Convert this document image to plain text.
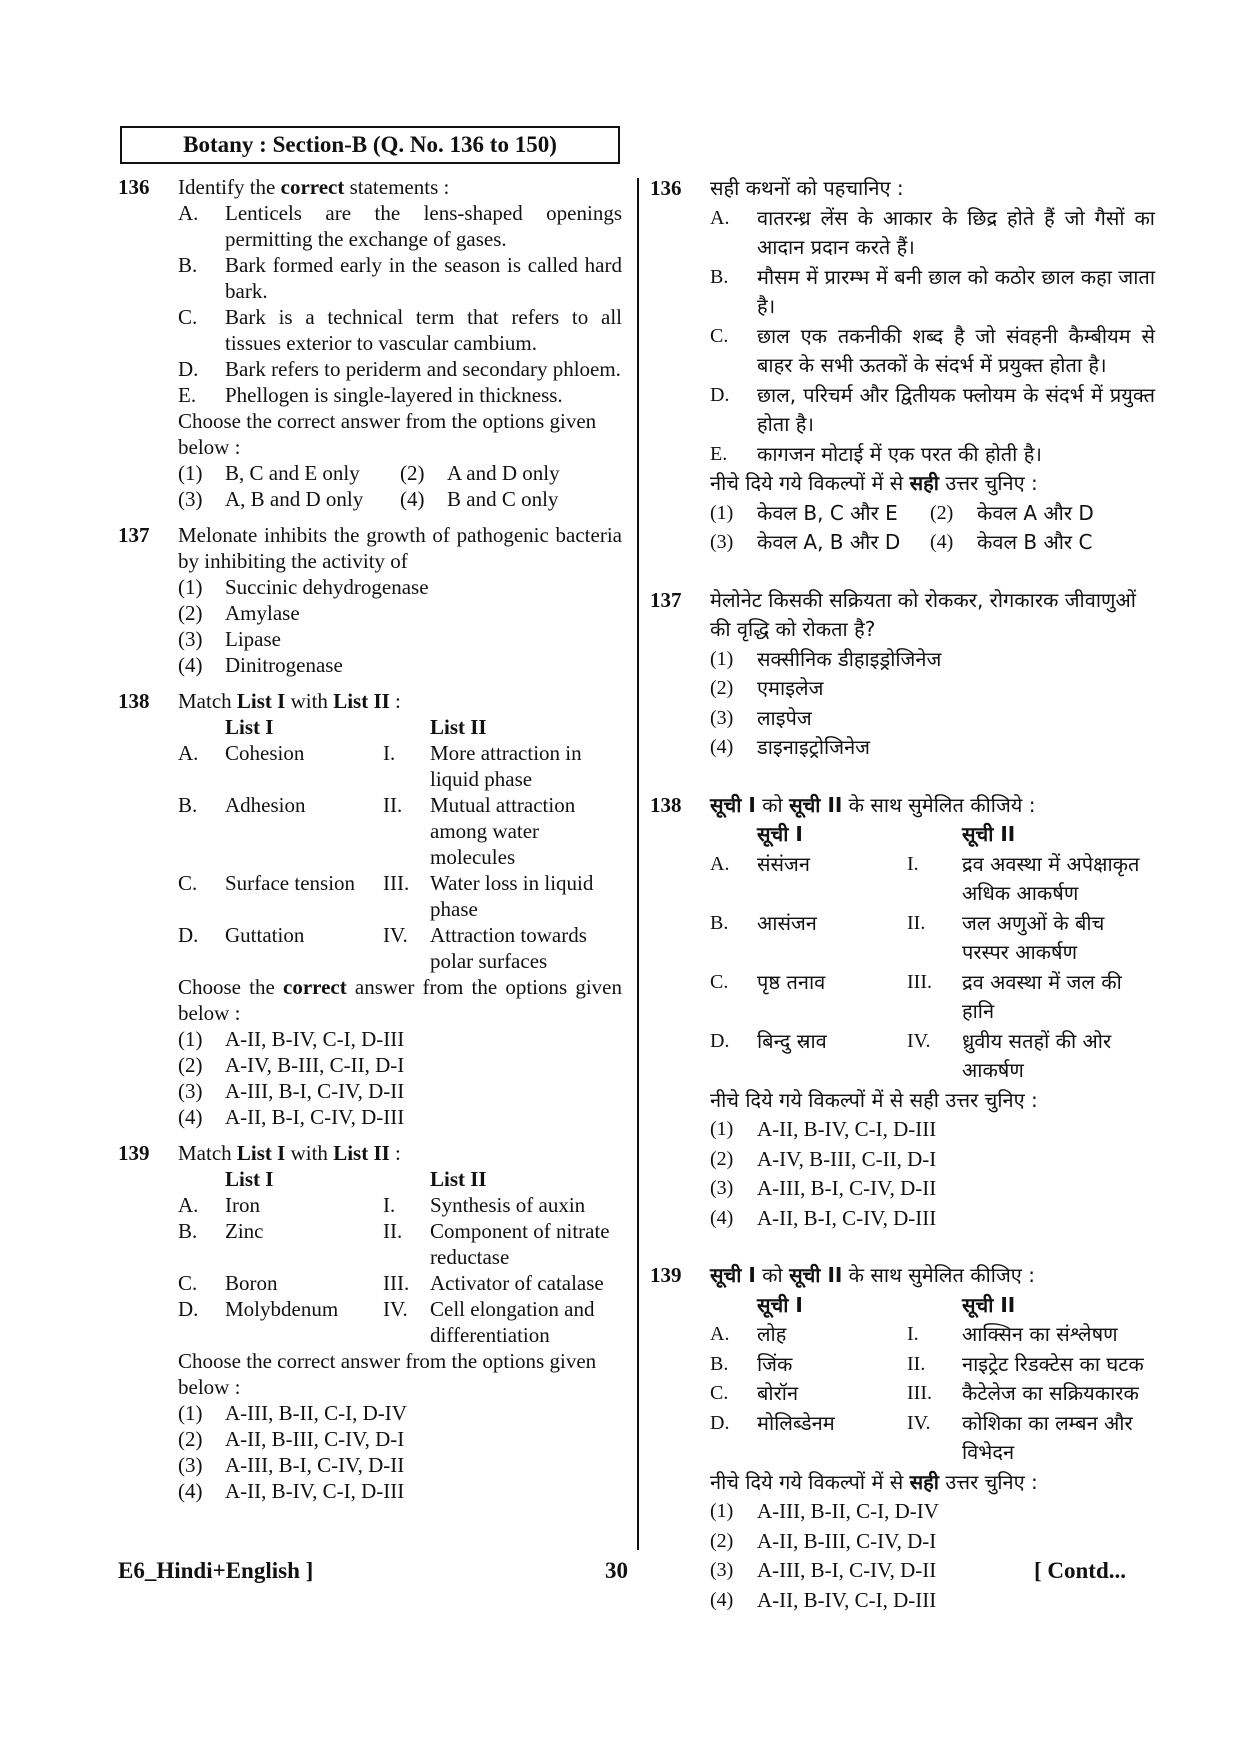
Botany : Section-B (Q. No. 136 to 150)
136 Identify the correct statements :
A.	Lenticels are the lens-shaped openings permitting the exchange of gases.
B.	Bark formed early in the season is called hard bark.
C.	Bark is a technical term that refers to all tissues exterior to vascular cambium.
D.	Bark refers to periderm and secondary phloem.
E.	Phellogen is single-layered in thickness.
Choose the correct answer from the options given below :
(1)	B, C and E only (2)	A and D only
(3)	A, B and D only (4)	B and C only
137 Melonate inhibits the growth of pathogenic bacteria by inhibiting the activity of
(1)	Succinic dehydrogenase
(2)	Amylase
(3)	Lipase
(4)	Dinitrogenase
138 Match List I with List II :
List I	List II
A.	Cohesion	I.	More attraction in liquid phase
B.	Adhesion	II.	Mutual attraction among water molecules
C.	Surface tension	III. Water loss in liquid phase
D.	Guttation	IV.	Attraction towards polar surfaces
Choose the correct answer from the options given below :
(1)	A-II, B-IV, C-I, D-III
(2)	A-IV, B-III, C-II, D-I
(3)	A-III, B-I, C-IV, D-II
(4)	A-II, B-I, C-IV, D-III
139 Match List I with List II :
List I	List II
A.	Iron	I.	Synthesis of auxin
B.	Zinc	II.	Component of nitrate reductase
C.	Boron	III. Activator of catalase
D.	Molybdenum	IV.	Cell elongation and differentiation
Choose the correct answer from the options given below :
(1)	A-III, B-II, C-I, D-IV
(2)	A-II, B-III, C-IV, D-I
(3)	A-III, B-I, C-IV, D-II
(4)	A-II, B-IV, C-I, D-III
136 सही कथनों को पहचानिए :
A.	वातरन्ध्र लेंस के आकार के छिद्र होते हैं जो गैसों का आदान प्रदान करते हैं।
B.	मौसम में प्रारम्भ में बनी छाल को कठोर छाल कहा जाता है।
C.	छाल एक तकनीकी शब्द है जो संवहनी कैम्बीयम से बाहर के सभी ऊतकों के संदर्भ में प्रयुक्त होता है।
D.	छाल, परिचर्म और द्वितीयक फ्लोयम के संदर्भ में प्रयुक्त होता है।
E.	कागजन मोटाई में एक परत की होती है।
नीचे दिये गये विकल्पों में से सही उत्तर चुनिए :
(1)	केवल B, C और E (2)	केवल A और D
(3)	केवल A, B और D (4)	केवल B और C
137 मेलोनेट किसकी सक्रियता को रोककर, रोगकारक जीवाणुओं की वृद्धि को रोकता है?
(1)	सक्सीनिक डीहाइड्रोजिनेज
(2)	एमाइलेज
(3)	लाइपेज
(4)	डाइनाइट्रोजिनेज
138 सूची I को सूची II के साथ सुमेलित कीजिये :
सूची I	सूची II
A.	संसंजन	I.	द्रव अवस्था में अपेक्षाकृत अधिक आकर्षण
B.	आसंजन	II.	जल अणुओं के बीच परस्पर आकर्षण
C.	पृष्ठ तनाव	III.	द्रव अवस्था में जल की हानि
D.	बिन्दु स्राव	IV.	ध्रुवीय सतहों की ओर आकर्षण
नीचे दिये गये विकल्पों में से सही उत्तर चुनिए :
(1)	A-II, B-IV, C-I, D-III
(2)	A-IV, B-III, C-II, D-I
(3)	A-III, B-I, C-IV, D-II
(4)	A-II, B-I, C-IV, D-III
139 सूची I को सूची II के साथ सुमेलित कीजिए :
सूची I	सूची II
A.	लोह	I.	आक्सिन का संश्लेषण
B.	जिंक	II.	नाइट्रेट रिडक्टेस का घटक
C.	बोरॉन	III.	कैटेलेज का सक्रियकारक
D.	मोलिब्डेनम	IV.	कोशिका का लम्बन और विभेदन
नीचे दिये गये विकल्पों में से सही उत्तर चुनिए :
(1)	A-III, B-II, C-I, D-IV
(2)	A-II, B-III, C-IV, D-I
(3)	A-III, B-I, C-IV, D-II
(4)	A-II, B-IV, C-I, D-III
E6_Hindi+English ]	30	[ Contd...
